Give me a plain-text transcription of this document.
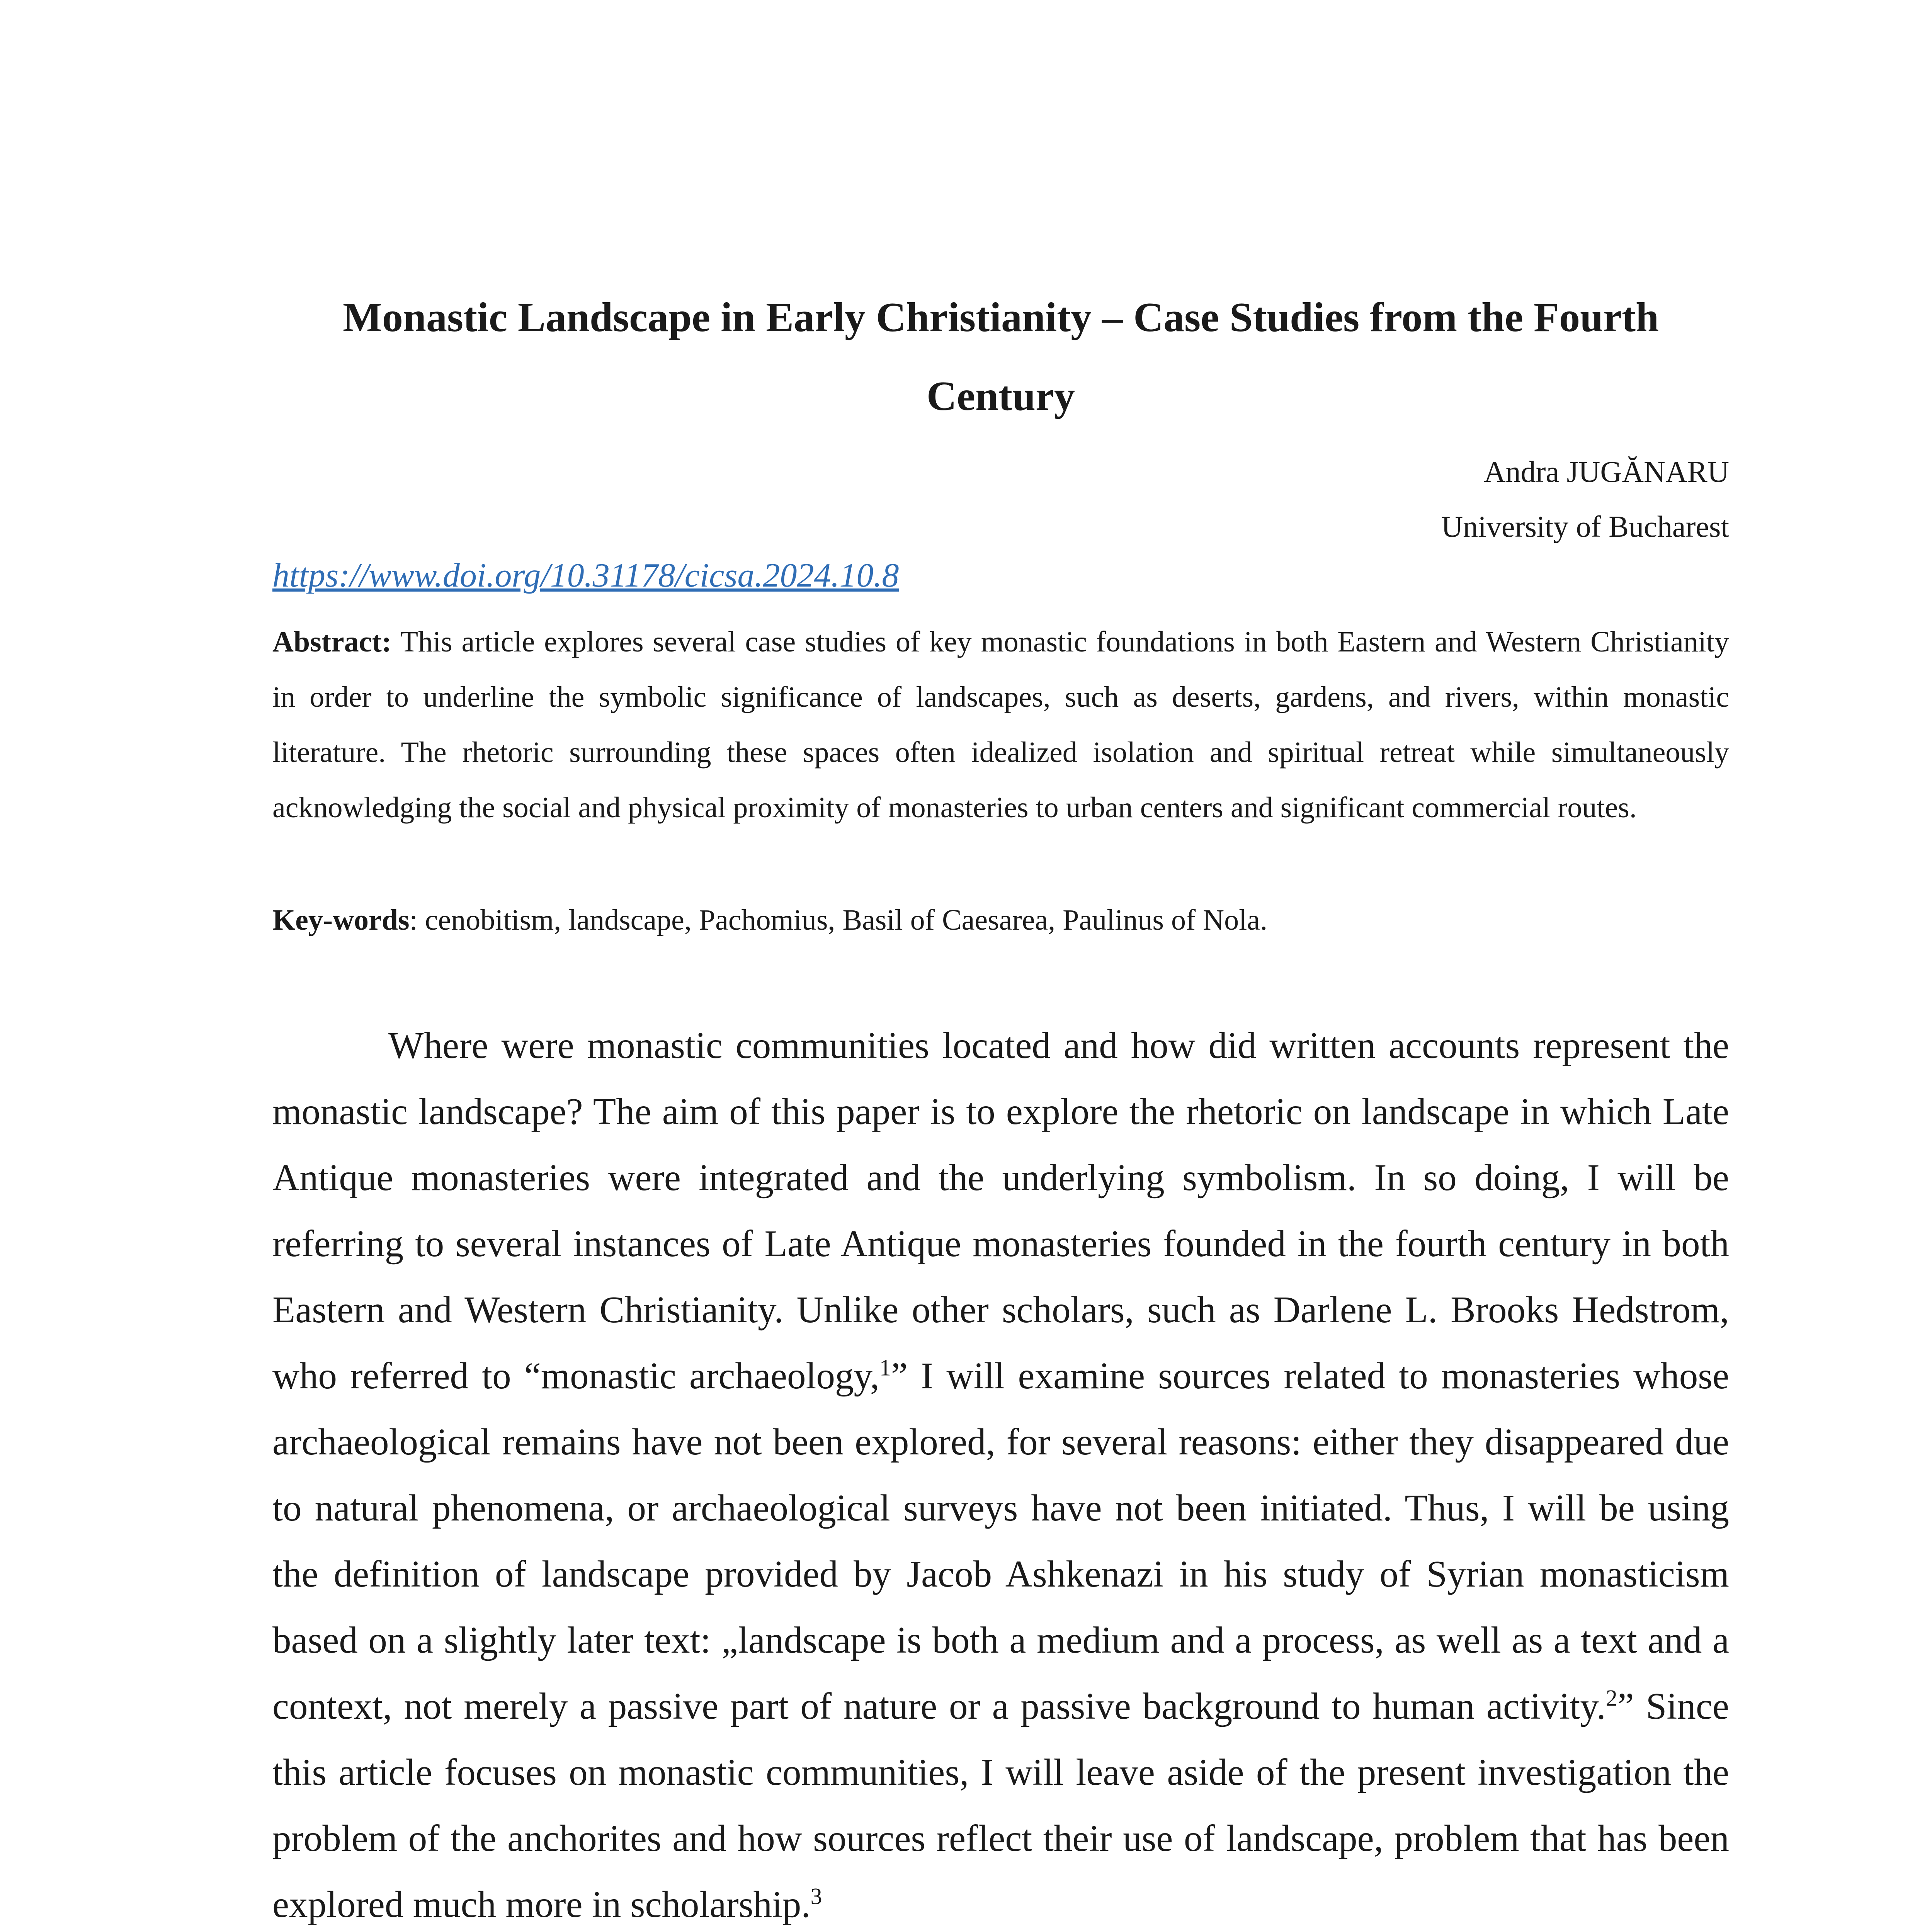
Monastic Landscape in Early Christianity – Case Studies from the Fourth Century
Andra JUGĂNARU
University of Bucharest
https://www.doi.org/10.31178/cicsa.2024.10.8

Abstract: This article explores several case studies of key monastic foundations in both Eastern and Western Christianity in order to underline the symbolic significance of landscapes, such as deserts, gardens, and rivers, within monastic literature. The rhetoric surrounding these spaces often idealized isolation and spiritual retreat while simultaneously acknowledging the social and physical proximity of monasteries to urban centers and significant commercial routes.

Key-words: cenobitism, landscape, Pachomius, Basil of Caesarea, Paulinus of Nola.

Where were monastic communities located and how did written accounts represent the monastic landscape? The aim of this paper is to explore the rhetoric on landscape in which Late Antique monasteries were integrated and the underlying symbolism. In so doing, I will be referring to several instances of Late Antique monasteries founded in the fourth century in both Eastern and Western Christianity. Unlike other scholars, such as Darlene L. Brooks Hedstrom, who referred to “monastic archaeology,$^1$” I will examine sources related to monasteries whose archaeological remains have not been explored, for several reasons: either they disappeared due to natural phenomena, or archaeological surveys have not been initiated. Thus, I will be using the definition of landscape provided by Jacob Ashkenazi in his study of Syrian monasticism based on a slightly later text: „landscape is both a medium and a process, as well as a text and a context, not merely a passive part of nature or a passive background to human activity.$^2$” Since this article focuses on monastic communities, I will leave aside of the present investigation the problem of the anchorites and how sources reflect their use of landscape, problem that has been explored much more in scholarship.$^3$
